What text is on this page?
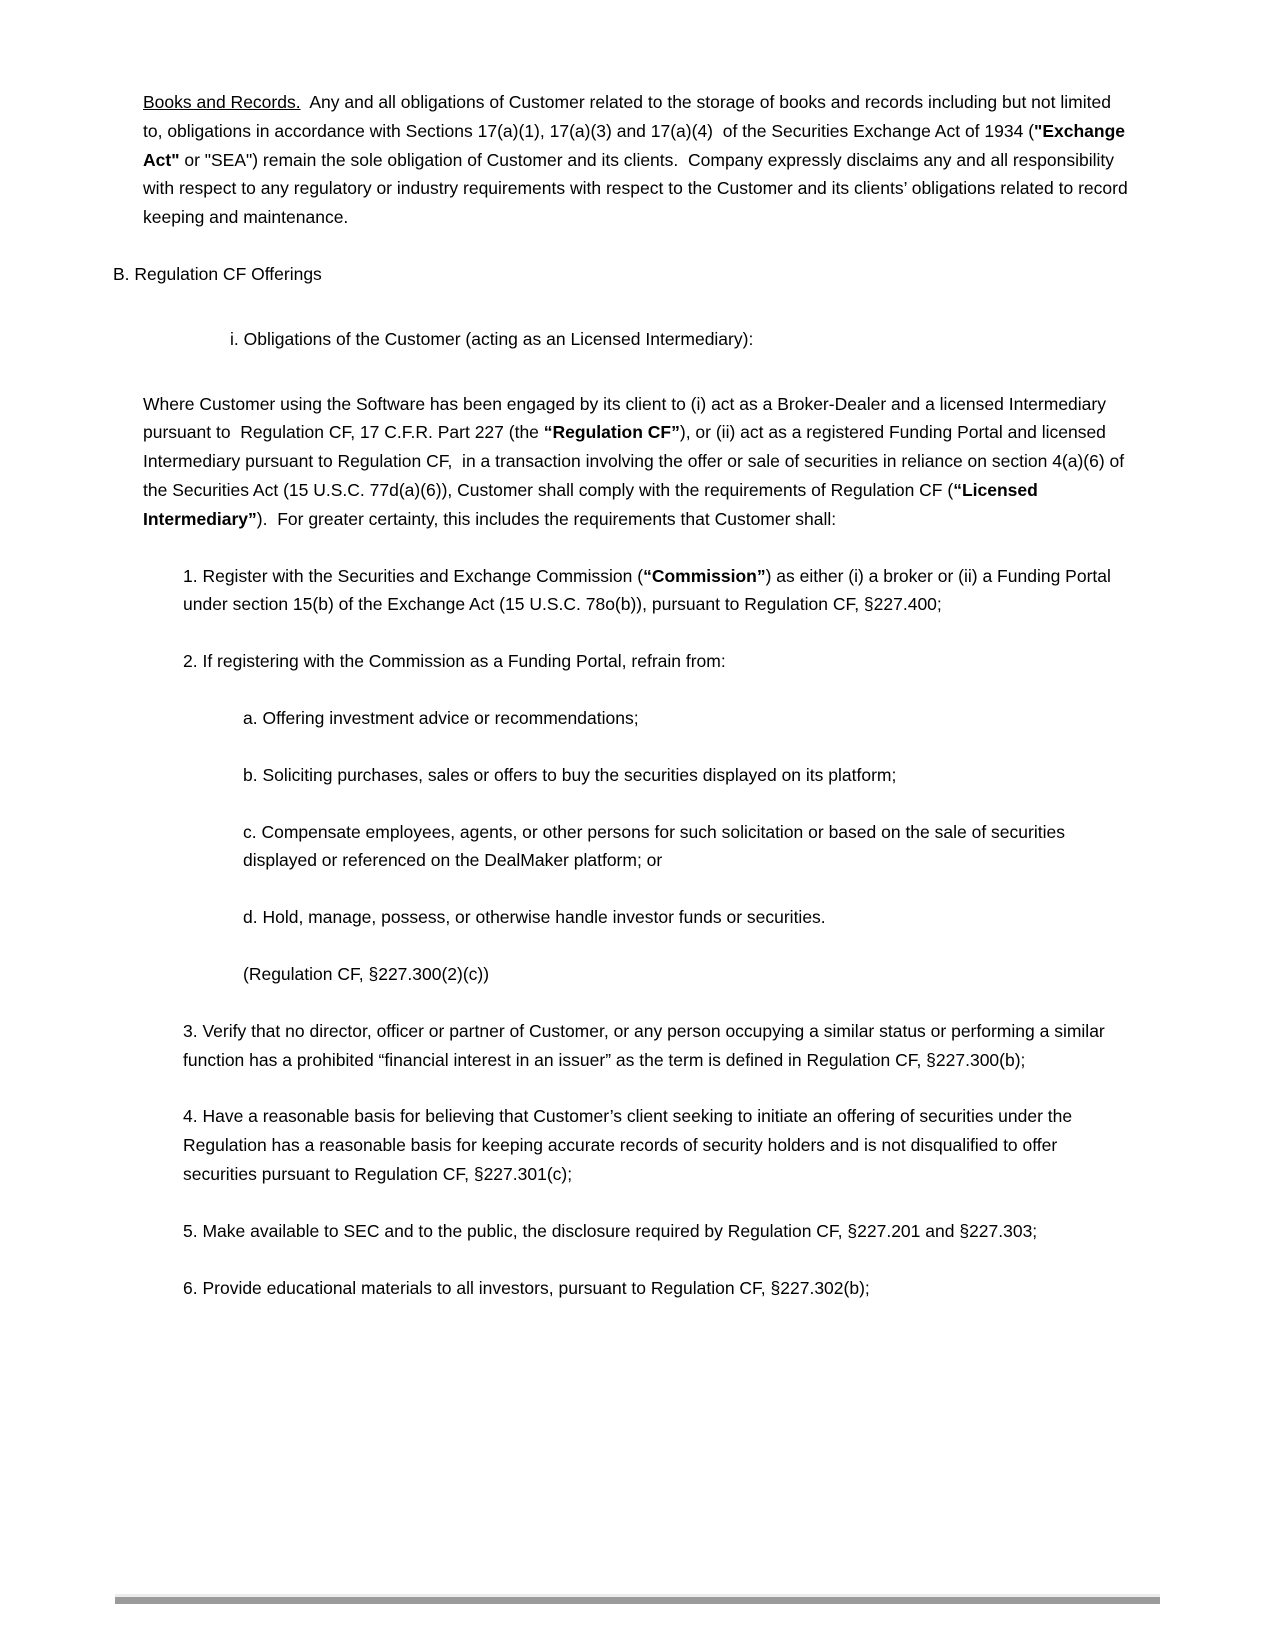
Books and Records.  Any and all obligations of Customer related to the storage of books and records including but not limited to, obligations in accordance with Sections 17(a)(1), 17(a)(3) and 17(a)(4)  of the Securities Exchange Act of 1934 ("Exchange Act" or "SEA") remain the sole obligation of Customer and its clients.  Company expressly disclaims any and all responsibility with respect to any regulatory or industry requirements with respect to the Customer and its clients’ obligations related to record keeping and maintenance.

B. Regulation CF Offerings

i. Obligations of the Customer (acting as an Licensed Intermediary):

Where Customer using the Software has been engaged by its client to (i) act as a Broker-Dealer and a licensed Intermediary pursuant to  Regulation CF, 17 C.F.R. Part 227 (the “Regulation CF”), or (ii) act as a registered Funding Portal and licensed Intermediary pursuant to Regulation CF,  in a transaction involving the offer or sale of securities in reliance on section 4(a)(6) of the Securities Act (15 U.S.C. 77d(a)(6)), Customer shall comply with the requirements of Regulation CF (“Licensed Intermediary”).  For greater certainty, this includes the requirements that Customer shall:

1. Register with the Securities and Exchange Commission (“Commission”) as either (i) a broker or (ii) a Funding Portal under section 15(b) of the Exchange Act (15 U.S.C. 78o(b)), pursuant to Regulation CF, §227.400;

2. If registering with the Commission as a Funding Portal, refrain from:

a. Offering investment advice or recommendations;

b. Soliciting purchases, sales or offers to buy the securities displayed on its platform;

c. Compensate employees, agents, or other persons for such solicitation or based on the sale of securities displayed or referenced on the DealMaker platform; or

d. Hold, manage, possess, or otherwise handle investor funds or securities.

(Regulation CF, §227.300(2)(c))

3. Verify that no director, officer or partner of Customer, or any person occupying a similar status or performing a similar function has a prohibited “financial interest in an issuer” as the term is defined in Regulation CF, §227.300(b);

4. Have a reasonable basis for believing that Customer’s client seeking to initiate an offering of securities under the Regulation has a reasonable basis for keeping accurate records of security holders and is not disqualified to offer securities pursuant to Regulation CF, §227.301(c);

5. Make available to SEC and to the public, the disclosure required by Regulation CF, §227.201 and §227.303;

6. Provide educational materials to all investors, pursuant to Regulation CF, §227.302(b);
